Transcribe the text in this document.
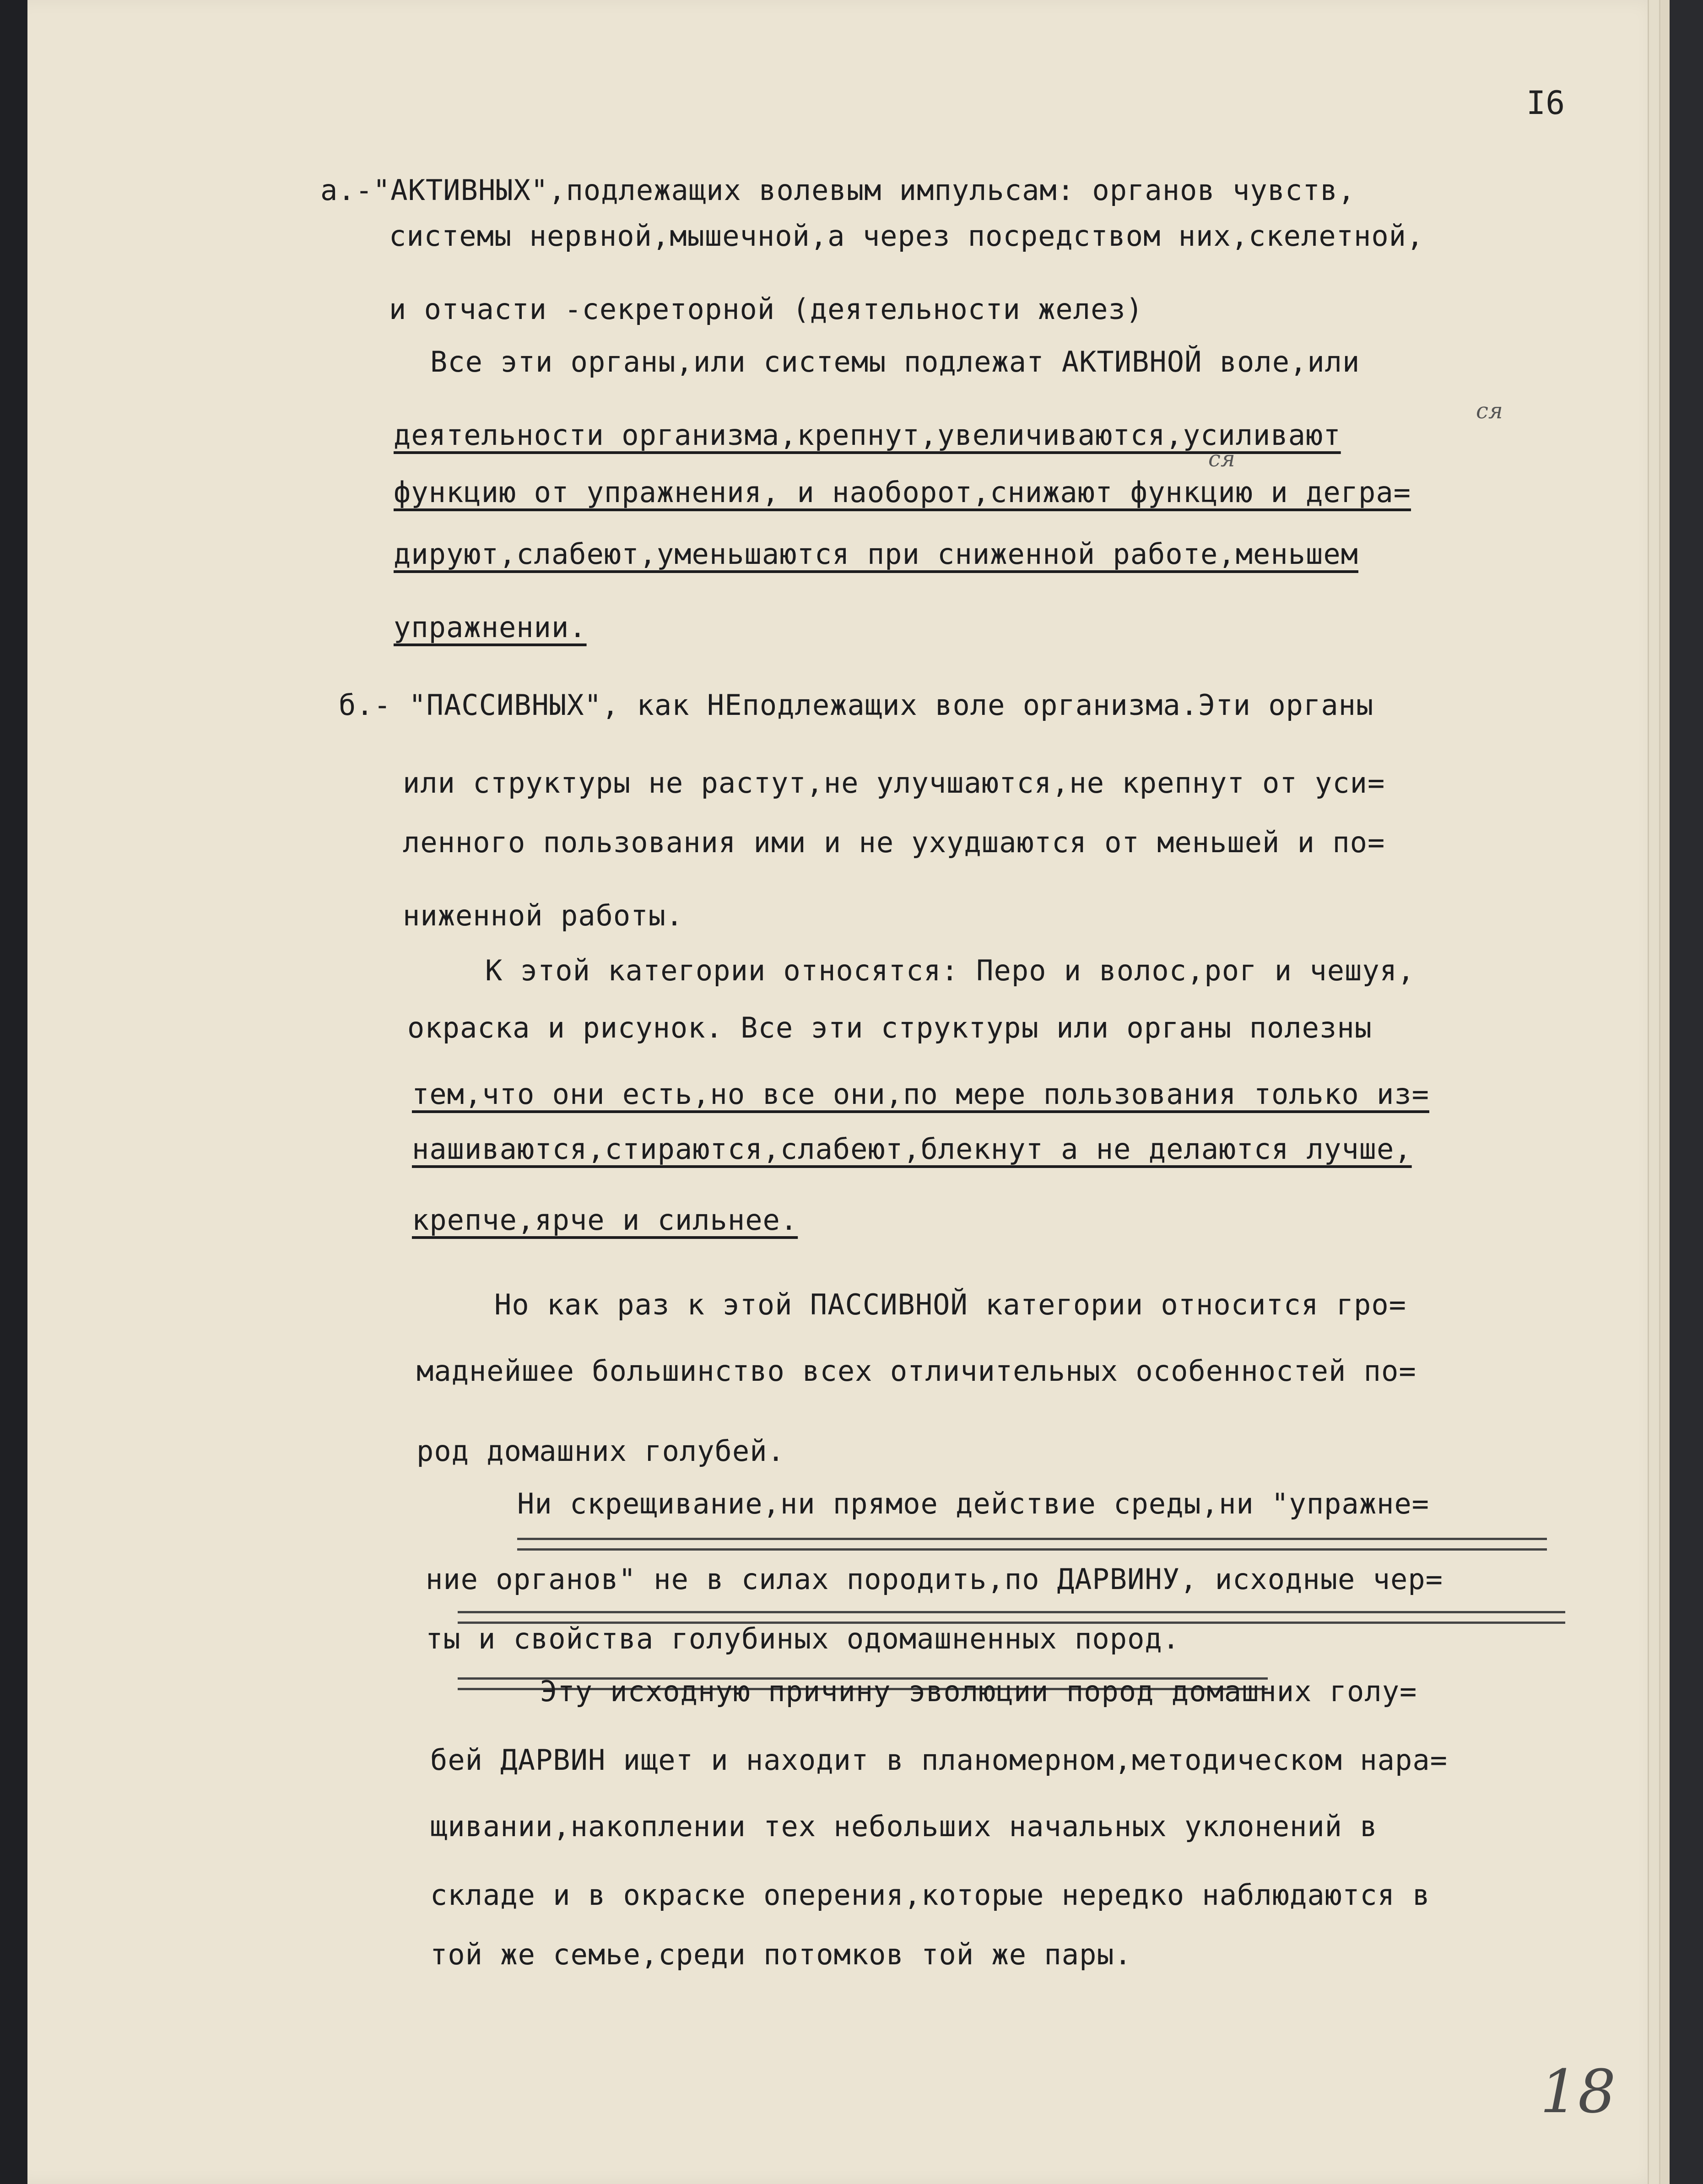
I6

а.-"АКТИВНЫХ",подлежащих волевым импульсам: органов чувств,

системы нервной,мышечной,а через посредством них,скелетной,

и отчасти -секреторной (деятельности желез)

Все эти органы,или системы подлежат АКТИВНОЙ воле,или

деятельности организма,крепнут,увеличиваются,усиливают

функцию от упражнения, и наоборот,снижают функцию и дегра=

дируют,слабеют,уменьшаются при сниженной работе,меньшем

упражнении.

ся
ся

б.- "ПАССИВНЫХ", как НЕподлежащих воле организма.Эти органы

или структуры не растут,не улучшаются,не крепнут от уси=

ленного пользования ими и не ухудшаются от меньшей и по=

ниженной работы.

К этой категории относятся: Перо и волос,рог и чешуя,

окраска и рисунок. Все эти структуры или органы полезны

тем,что они есть,но все они,по мере пользования только из=

нашиваются,стираются,слабеют,блекнут а не делаются лучше,

крепче,ярче и сильнее.

Но как раз к этой ПАССИВНОЙ категории относится гро=

маднейшее большинство всех отличительных особенностей по=

род домашних голубей.

Ни скрещивание,ни прямое действие среды,ни "упражне=

ние органов" не в силах породить,по ДАРВИНУ, исходные чер=

ты и свойства голубиных одомашненных пород.

Эту исходную причину эволюции пород домашних голу=

бей ДАРВИН ищет и находит в планомерном,методическом нара=

щивании,накоплении тех небольших начальных уклонений в

складе и в окраске оперения,которые нередко наблюдаются в

той же семье,среди потомков той же пары.

18
